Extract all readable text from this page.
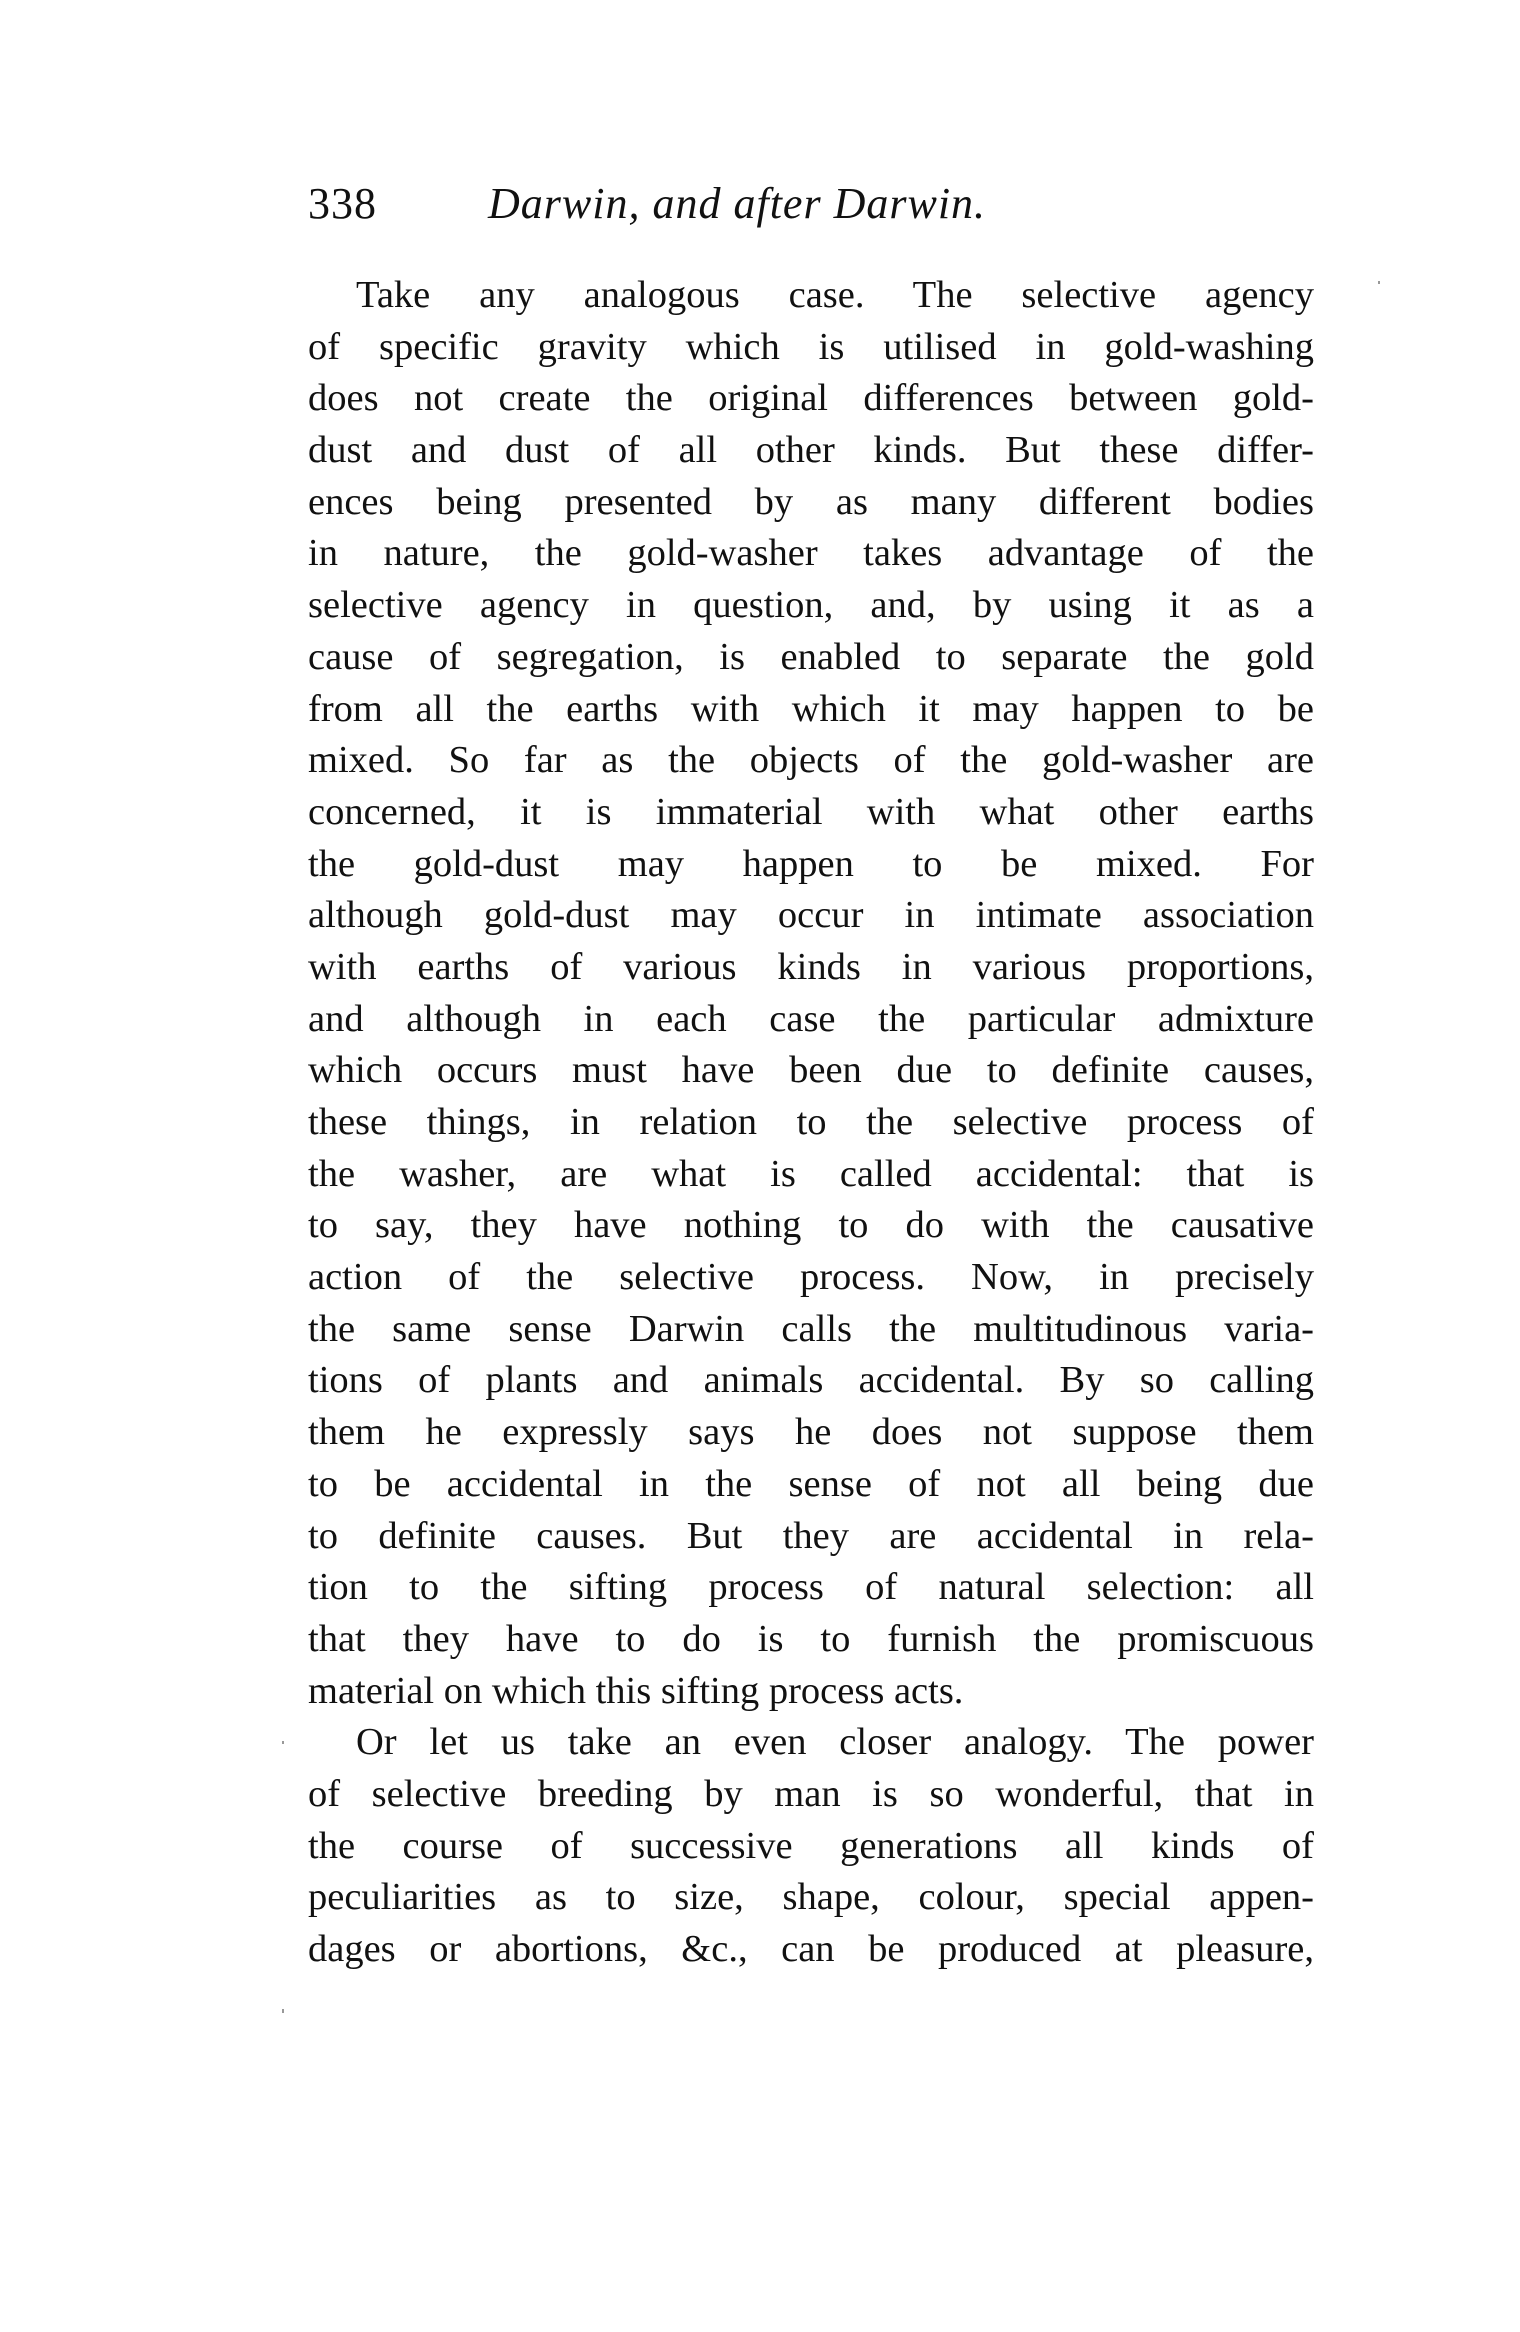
338	Darwin, and after Darwin.
Take any analogous case. The selective agency
of specific gravity which is utilised in gold-washing
does not create the original differences between gold-
dust and dust of all other kinds. But these differ-
ences being presented by as many different bodies
in nature, the gold-washer takes advantage of the
selective agency in question, and, by using it as a
cause of segregation, is enabled to separate the gold
from all the earths with which it may happen to be
mixed. So far as the objects of the gold-washer are
concerned, it is immaterial with what other earths
the gold-dust may happen to be mixed. For
although gold-dust may occur in intimate association
with earths of various kinds in various proportions,
and although in each case the particular admixture
which occurs must have been due to definite causes,
these things, in relation to the selective process of
the washer, are what is called accidental: that is
to say, they have nothing to do with the causative
action of the selective process. Now, in precisely
the same sense Darwin calls the multitudinous varia-
tions of plants and animals accidental. By so calling
them he expressly says he does not suppose them
to be accidental in the sense of not all being due
to definite causes. But they are accidental in rela-
tion to the sifting process of natural selection: all
that they have to do is to furnish the promiscuous
material on which this sifting process acts.
Or let us take an even closer analogy. The power
of selective breeding by man is so wonderful, that in
the course of successive generations all kinds of
peculiarities as to size, shape, colour, special appen-
dages or abortions, &c., can be produced at pleasure,
